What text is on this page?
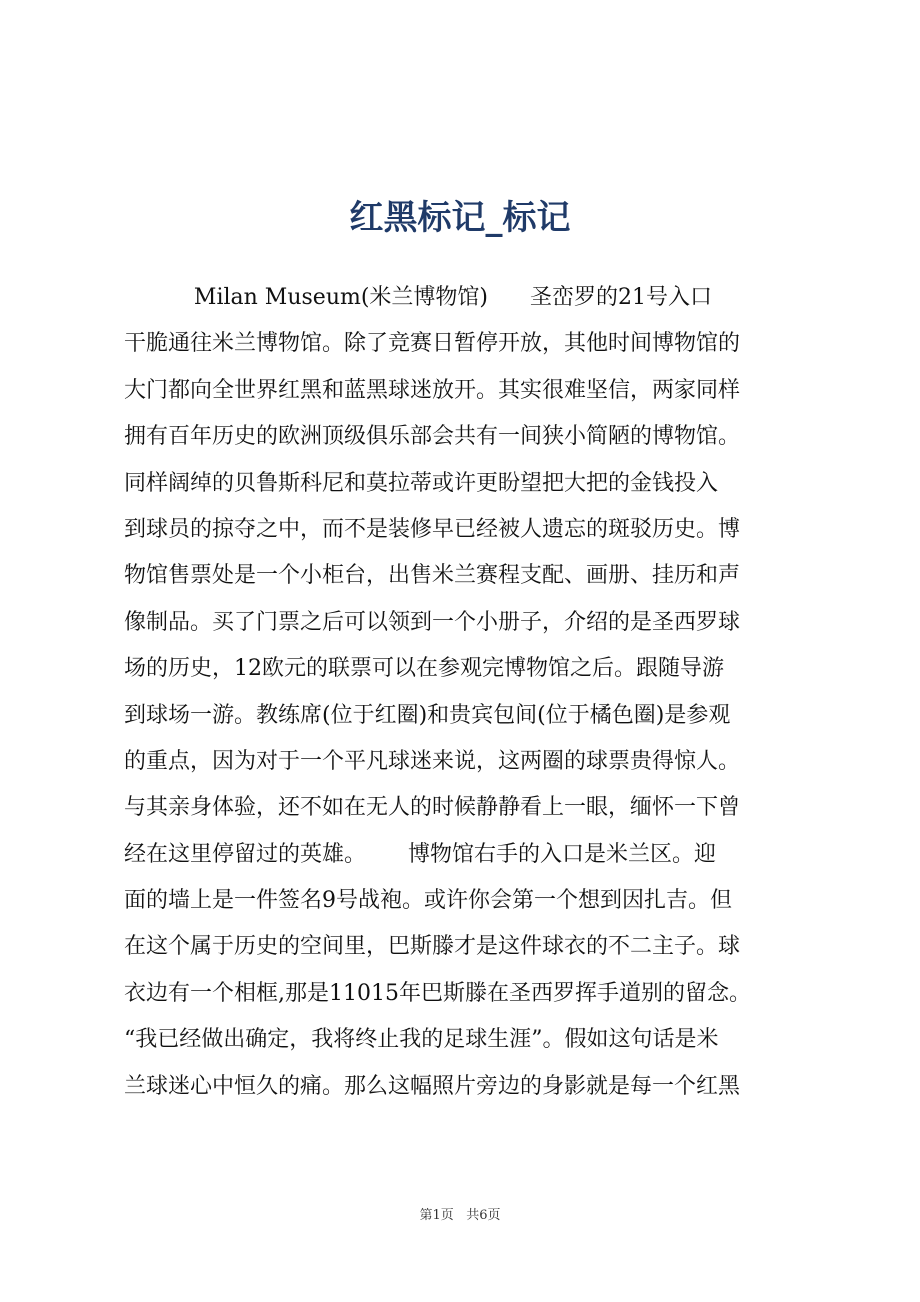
红黑标记_标记
Milan Museum(米兰博物馆)      圣峦罗的21号入口
干脆通往米兰博物馆。除了竞赛日暂停开放，其他时间博物馆的
大门都向全世界红黑和蓝黑球迷放开。其实很难坚信，两家同样
拥有百年历史的欧洲顶级俱乐部会共有一间狭小简陋的博物馆。
同样阔绰的贝鲁斯科尼和莫拉蒂或许更盼望把大把的金钱投入
到球员的掠夺之中，而不是装修早已经被人遗忘的斑驳历史。博
物馆售票处是一个小柜台，出售米兰赛程支配、画册、挂历和声
像制品。买了门票之后可以领到一个小册子，介绍的是圣西罗球
场的历史，12欧元的联票可以在参观完博物馆之后。跟随导游
到球场一游。教练席(位于红圈)和贵宾包间(位于橘色圈)是参观
的重点，因为对于一个平凡球迷来说，这两圈的球票贵得惊人。
与其亲身体验，还不如在无人的时候静静看上一眼，缅怀一下曾
经在这里停留过的英雄。      博物馆右手的入口是米兰区。迎
面的墙上是一件签名9号战袍。或许你会第一个想到因扎吉。但
在这个属于历史的空间里，巴斯滕才是这件球衣的不二主子。球
衣边有一个相框,那是11015年巴斯滕在圣西罗挥手道别的留念。
“我已经做出确定，我将终止我的足球生涯”。假如这句话是米
兰球迷心中恒久的痛。那么这幅照片旁边的身影就是每一个红黑
第1页 共6页
